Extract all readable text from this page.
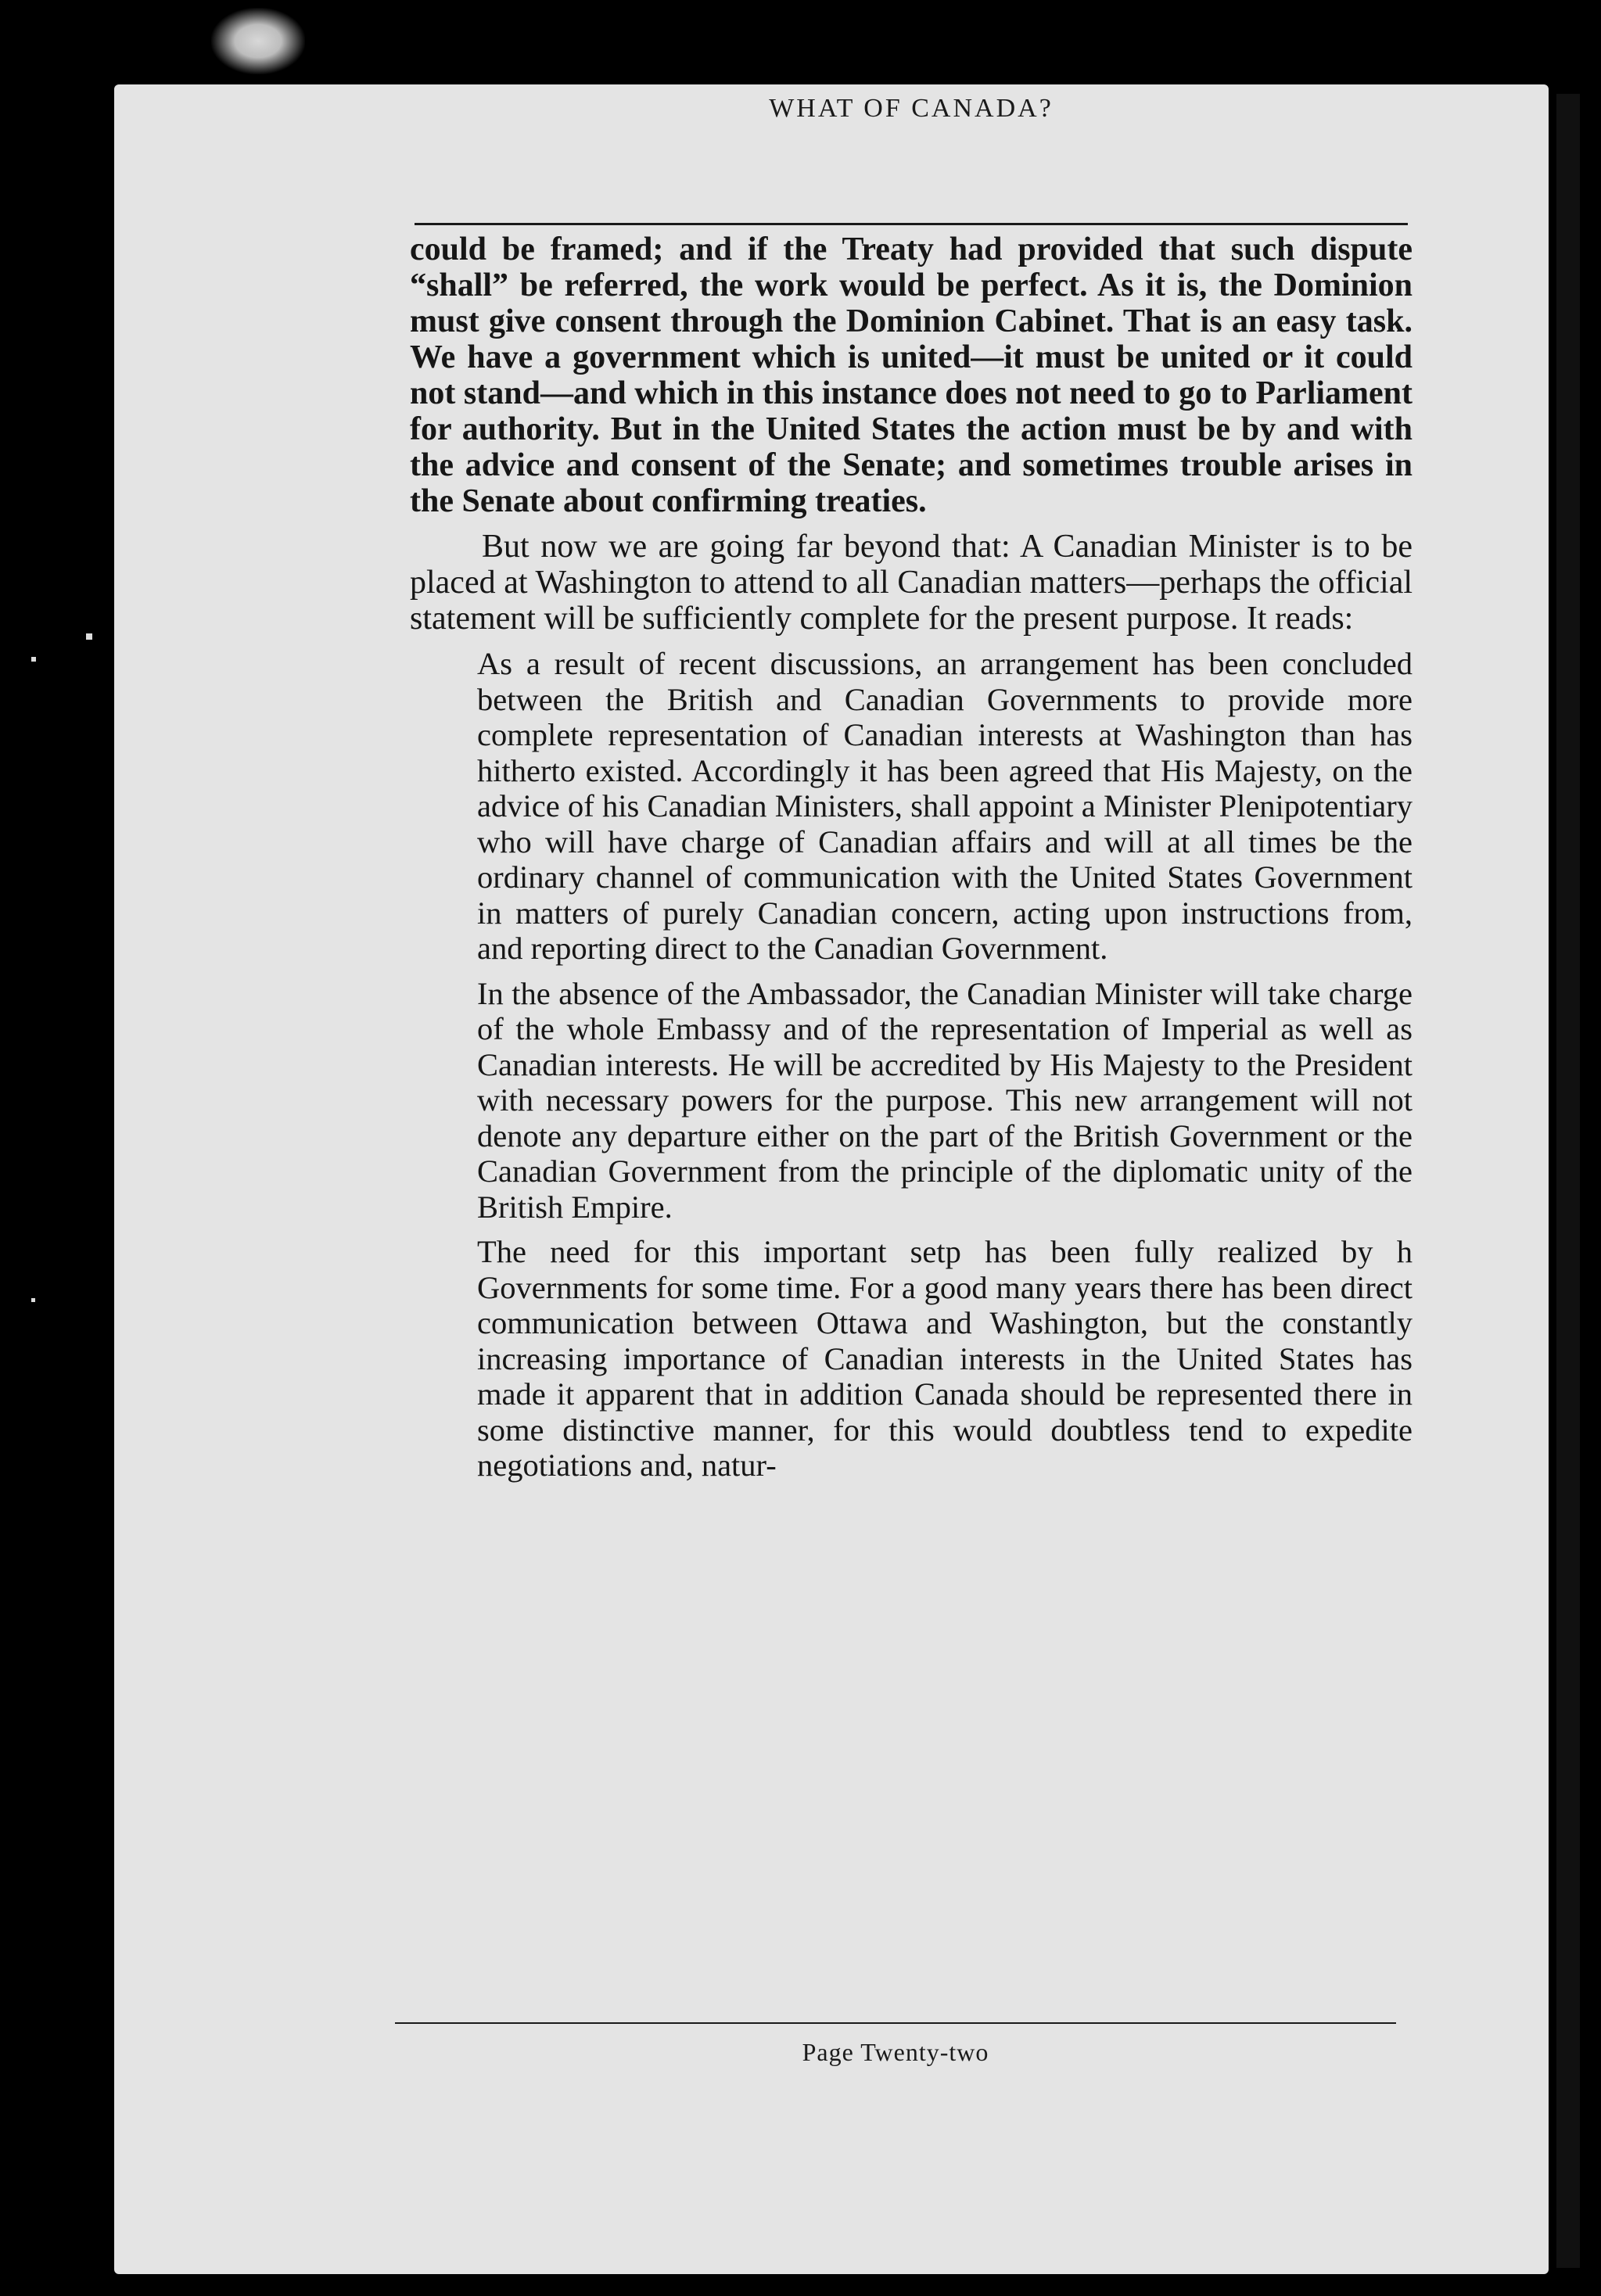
WHAT OF CANADA?

could be framed; and if the Treaty had provided that such dispute “shall” be referred, the work would be perfect. As it is, the Dominion must give consent through the Dominion Cabinet. That is an easy task. We have a government which is united—it must be united or it could not stand—and which in this instance does not need to go to Parliament for authority. But in the United States the action must be by and with the advice and consent of the Senate; and sometimes trouble arises in the Senate about confirming treaties.

But now we are going far beyond that: A Canadian Minister is to be placed at Washington to attend to all Canadian matters—perhaps the official statement will be sufficiently complete for the present purpose. It reads:

As a result of recent discussions, an arrangement has been concluded between the British and Canadian Governments to provide more complete representation of Canadian interests at Washington than has hitherto existed. Accordingly it has been agreed that His Majesty, on the advice of his Canadian Ministers, shall appoint a Minister Plenipotentiary who will have charge of Canadian affairs and will at all times be the ordinary channel of communication with the United States Government in matters of purely Canadian concern, acting upon instructions from, and reporting direct to the Canadian Government.

In the absence of the Ambassador, the Canadian Minister will take charge of the whole Embassy and of the representation of Imperial as well as Canadian interests. He will be accredited by His Majesty to the President with necessary powers for the purpose. This new arrangement will not denote any departure either on the part of the British Government or the Canadian Government from the principle of the diplomatic unity of the British Empire.

The need for this important setp has been fully realized by h Governments for some time. For a good many years there has been direct communication between Ottawa and Washington, but the constantly increasing importance of Canadian interests in the United States has made it apparent that in addition Canada should be represented there in some distinctive manner, for this would doubtless tend to expedite negotiations and, natur-

Page Twenty-two
